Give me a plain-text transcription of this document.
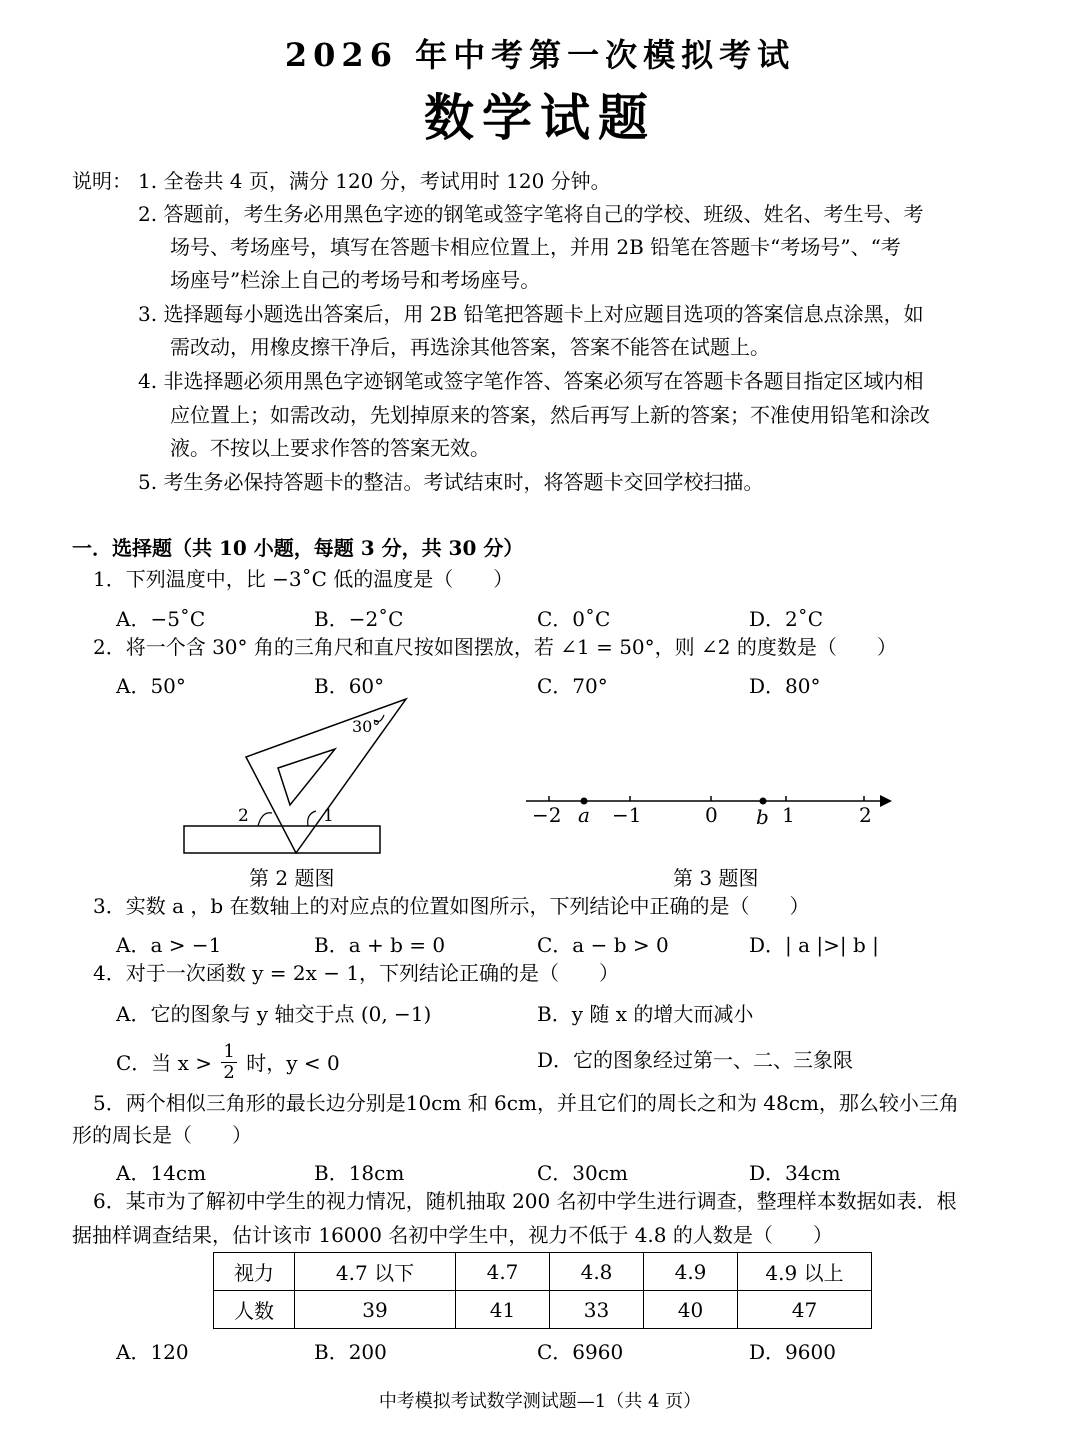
2026 年中考第一次模拟考试
数学试题
说明： 1. 全卷共 4 页，满分 120 分，考试用时 120 分钟。
2. 答题前，考生务必用黑色字迹的钢笔或签字笔将自己的学校、班级、姓名、考生号、考
场号、考场座号，填写在答题卡相应位置上，并用 2B 铅笔在答题卡“考场号”、“考
场座号”栏涂上自己的考场号和考场座号。
3. 选择题每小题选出答案后，用 2B 铅笔把答题卡上对应题目选项的答案信息点涂黑，如
需改动，用橡皮擦干净后，再选涂其他答案，答案不能答在试题上。
4. 非选择题必须用黑色字迹钢笔或签字笔作答、答案必须写在答题卡各题目指定区域内相
应位置上；如需改动，先划掉原来的答案，然后再写上新的答案；不准使用铅笔和涂改
液。不按以上要求作答的答案无效。
5. 考生务必保持答题卡的整洁。考试结束时，将答题卡交回学校扫描。
一．选择题（共 10 小题，每题 3 分，共 30 分）
1．下列温度中，比 −3˚C 低的温度是（　　）
A．−5˚C	B．−2˚C	C．0˚C	D．2˚C
2．将一个含 30° 角的三角尺和直尺按如图摆放，若 ∠1 = 50°，则 ∠2 的度数是（　　）
A．50°	B．60°	C．70°	D．80°
30°
1
2
第 2 题图
−2 a −1	0 b 1	2
第 3 题图
3．实数 a ，b 在数轴上的对应点的位置如图所示，下列结论中正确的是（　　）
A．a > −1	B．a + b = 0	C．a − b > 0	D．| a |>| b |
4．对于一次函数 y = 2x − 1，下列结论正确的是（　　）
A．它的图象与 y 轴交于点 (0, −1)	B．y 随 x 的增大而减小
C．当 $x > \frac{1}{2}$ 时，y < 0	D．它的图象经过第一、二、三象限
5．两个相似三角形的最长边分别是10cm 和 6cm，并且它们的周长之和为 48cm，那么较小三角
形的周长是（　　）
A．14cm	B．18cm	C．30cm	D．34cm
6．某市为了解初中学生的视力情况，随机抽取 200 名初中学生进行调查，整理样本数据如表．根
据抽样调查结果，估计该市 16000 名初中学生中，视力不低于 4.8 的人数是（　　）
视力	4.7 以下	4.7	4.8	4.9	4.9 以上
人数	39	41	33	40	47
A．120	B．200	C．6960	D．9600
中考模拟考试数学测试题—1（共 4 页）
